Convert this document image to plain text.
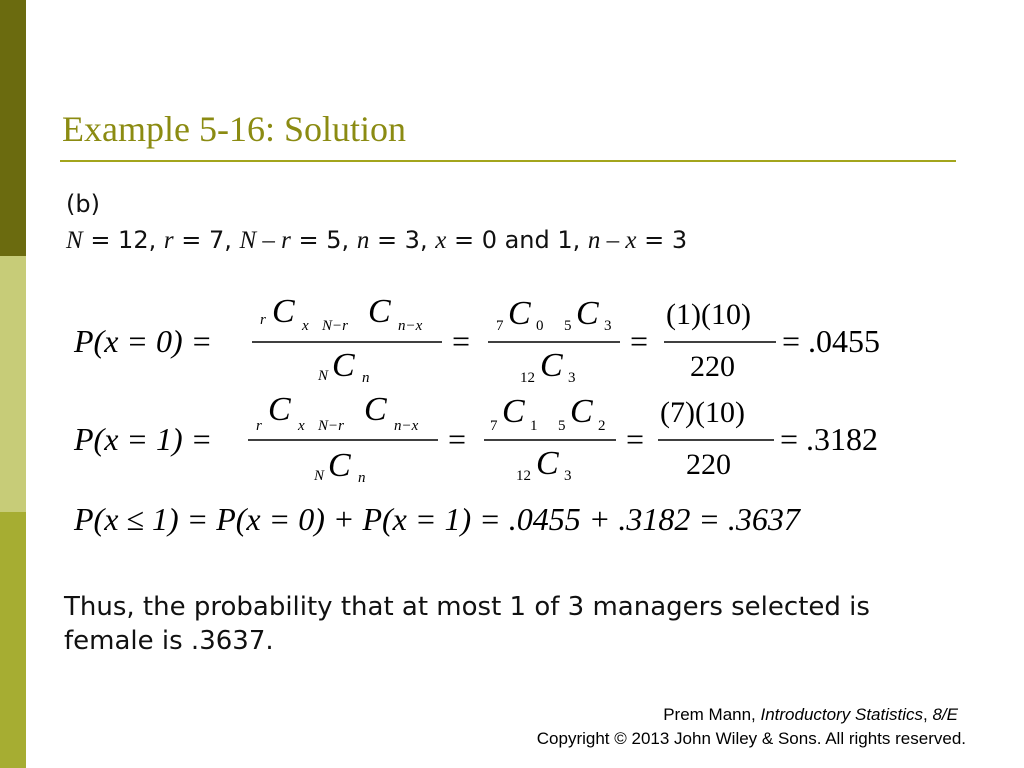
Example 5-16: Solution
(b)
N = 12, r = 7, N – r = 5, n = 3, x = 0 and 1, n – x = 3
P(x = 0) =
r C x N−r C n−x
N C n
= 7 C 0 5 C 3
12 C 3
=
(1)(10)
220
= .0455
P(x = 1) =	r C x N−r C n−x
N C n
= 7 C 1 5 C 2
12 C 3
=
(7)(10)
220
= .3182
P(x ≤ 1) = P(x = 0) + P(x = 1) = .0455 + .3182 = .3637
Thus, the probability that at most 1 of 3 managers selected is female is .3637.
Prem Mann, Introductory Statistics, 8/E
Copyright © 2013 John Wiley & Sons. All rights reserved.
